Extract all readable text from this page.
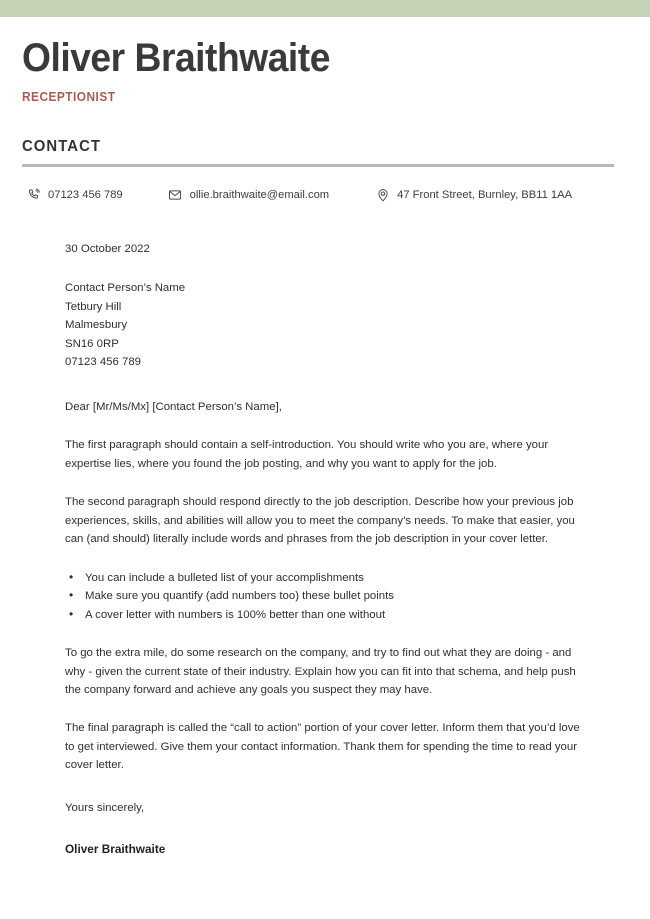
Oliver Braithwaite
RECEPTIONIST
CONTACT
07123 456 789	ollie.braithwaite@email.com	47 Front Street, Burnley, BB11 1AA
30 October 2022
Contact Person’s Name
Tetbury Hill
Malmesbury
SN16 0RP
07123 456 789
Dear [Mr/Ms/Mx] [Contact Person’s Name],
The first paragraph should contain a self-introduction. You should write who you are, where your expertise lies, where you found the job posting, and why you want to apply for the job.
The second paragraph should respond directly to the job description. Describe how your previous job experiences, skills, and abilities will allow you to meet the company’s needs. To make that easier, you can (and should) literally include words and phrases from the job description in your cover letter.
• You can include a bulleted list of your accomplishments
• Make sure you quantify (add numbers too) these bullet points
• A cover letter with numbers is 100% better than one without
To go the extra mile, do some research on the company, and try to find out what they are doing - and why - given the current state of their industry. Explain how you can fit into that schema, and help push the company forward and achieve any goals you suspect they may have.
The final paragraph is called the “call to action” portion of your cover letter. Inform them that you’d love to get interviewed. Give them your contact information. Thank them for spending the time to read your cover letter.
Yours sincerely,
Oliver Braithwaite
